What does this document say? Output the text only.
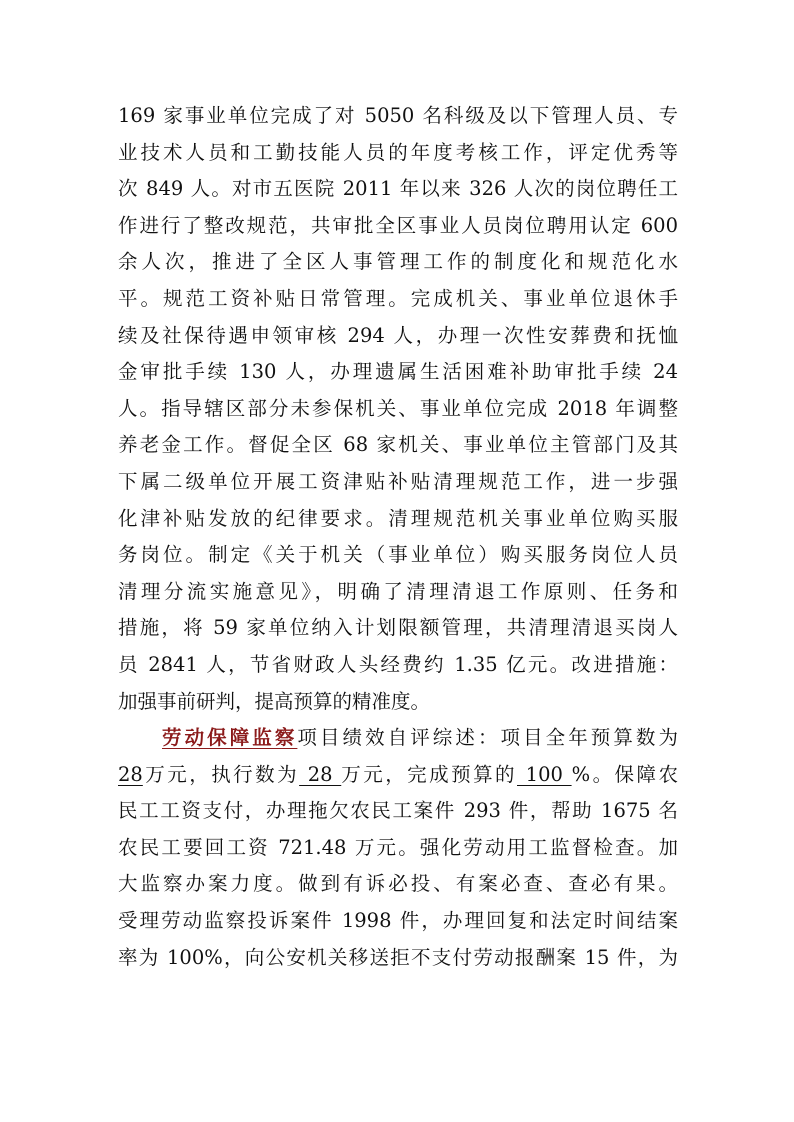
169 家事业单位完成了对 5050 名科级及以下管理人员、专
业技术人员和工勤技能人员的年度考核工作，评定优秀等
次 849 人。对市五医院 2011 年以来 326 人次的岗位聘任工
作进行了整改规范，共审批全区事业人员岗位聘用认定 600
余人次，推进了全区人事管理工作的制度化和规范化水
平。规范工资补贴日常管理。完成机关、事业单位退休手
续及社保待遇申领审核 294 人，办理一次性安葬费和抚恤
金审批手续 130 人，办理遗属生活困难补助审批手续 24
人。指导辖区部分未参保机关、事业单位完成 2018 年调整
养老金工作。督促全区 68 家机关、事业单位主管部门及其
下属二级单位开展工资津贴补贴清理规范工作，进一步强
化津补贴发放的纪律要求。清理规范机关事业单位购买服
务岗位。制定《关于机关（事业单位）购买服务岗位人员
清理分流实施意见》，明确了清理清退工作原则、任务和
措施，将 59 家单位纳入计划限额管理，共清理清退买岗人
员 2841 人，节省财政人头经费约 1.35 亿元。改进措施：
加强事前研判，提高预算的精准度。
劳动保障监察项目绩效自评综述：项目全年预算数为
28万元，执行数为 28 万元，完成预算的 100 %。保障农
民工工资支付，办理拖欠农民工案件 293 件，帮助 1675 名
农民工要回工资 721.48 万元。强化劳动用工监督检查。加
大监察办案力度。做到有诉必投、有案必查、查必有果。
受理劳动监察投诉案件 1998 件，办理回复和法定时间结案
率为 100%，向公安机关移送拒不支付劳动报酬案 15 件，为
